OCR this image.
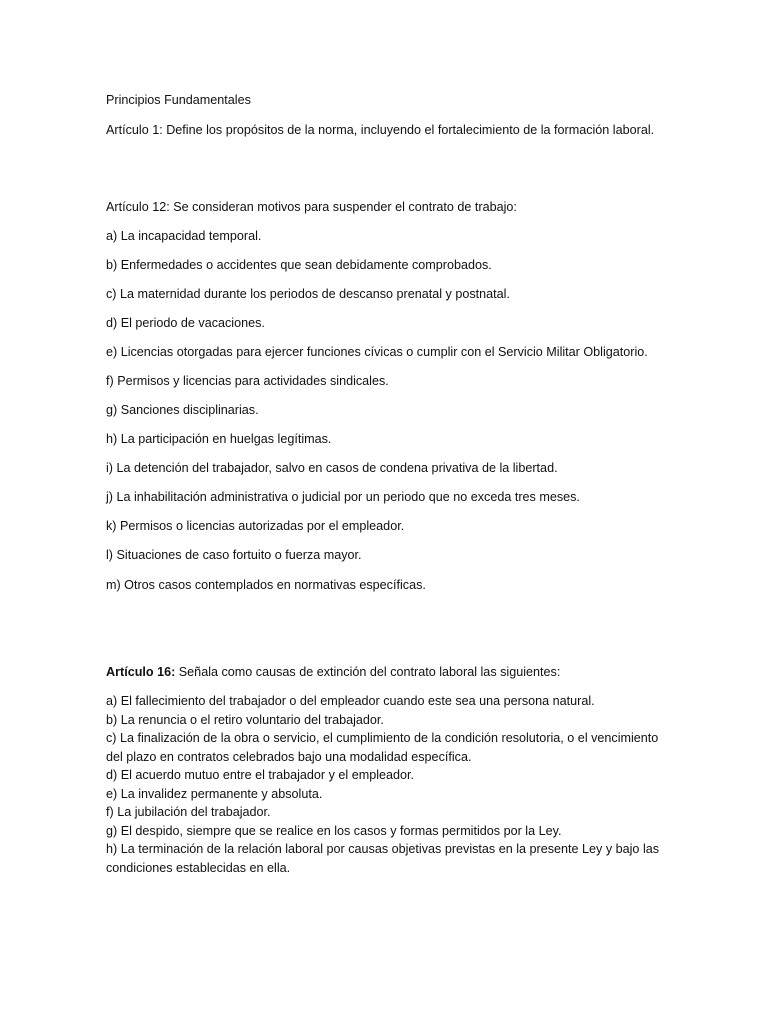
Principios Fundamentales

Artículo 1: Define los propósitos de la norma, incluyendo el fortalecimiento de la formación laboral.

Artículo 12: Se consideran motivos para suspender el contrato de trabajo:

a) La incapacidad temporal.

b) Enfermedades o accidentes que sean debidamente comprobados.

c) La maternidad durante los periodos de descanso prenatal y postnatal.

d) El periodo de vacaciones.

e) Licencias otorgadas para ejercer funciones cívicas o cumplir con el Servicio Militar Obligatorio.

f) Permisos y licencias para actividades sindicales.

g) Sanciones disciplinarias.

h) La participación en huelgas legítimas.

i) La detención del trabajador, salvo en casos de condena privativa de la libertad.

j) La inhabilitación administrativa o judicial por un periodo que no exceda tres meses.

k) Permisos o licencias autorizadas por el empleador.

l) Situaciones de caso fortuito o fuerza mayor.

m) Otros casos contemplados en normativas específicas.

Artículo 16: Señala como causas de extinción del contrato laboral las siguientes:

a) El fallecimiento del trabajador o del empleador cuando este sea una persona natural.
b) La renuncia o el retiro voluntario del trabajador.
c) La finalización de la obra o servicio, el cumplimiento de la condición resolutoria, o el vencimiento del plazo en contratos celebrados bajo una modalidad específica.
d) El acuerdo mutuo entre el trabajador y el empleador.
e) La invalidez permanente y absoluta.
f) La jubilación del trabajador.
g) El despido, siempre que se realice en los casos y formas permitidos por la Ley.
h) La terminación de la relación laboral por causas objetivas previstas en la presente Ley y bajo las condiciones establecidas en ella.
